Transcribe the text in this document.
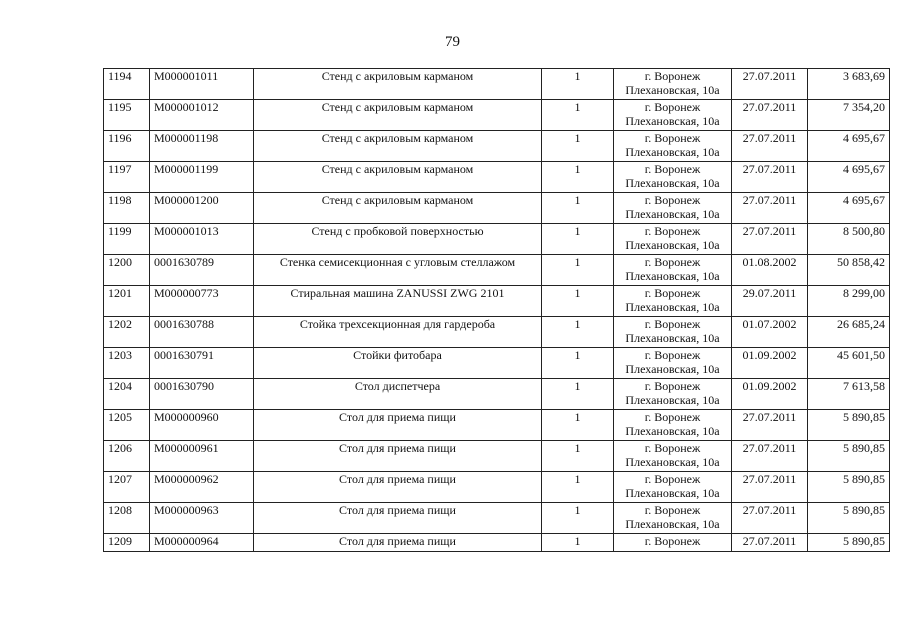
79
1194	М000001011	Стенд с акриловым карманом	1	г. Воронеж
Плехановская, 10а	27.07.2011	3 683,69
1195	М000001012	Стенд с акриловым карманом	1	г. Воронеж
Плехановская, 10а	27.07.2011	7 354,20
1196	М000001198	Стенд с акриловым карманом	1	г. Воронеж
Плехановская, 10а	27.07.2011	4 695,67
1197	М000001199	Стенд с акриловым карманом	1	г. Воронеж
Плехановская, 10а	27.07.2011	4 695,67
1198	М000001200	Стенд с акриловым карманом	1	г. Воронеж
Плехановская, 10а	27.07.2011	4 695,67
1199	М000001013	Стенд с пробковой поверхностью	1	г. Воронеж
Плехановская, 10а	27.07.2011	8 500,80
1200	0001630789	Стенка семисекционная с угловым стеллажом	1	г. Воронеж
Плехановская, 10а	01.08.2002	50 858,42
1201	М000000773	Стиральная машина ZANUSSI ZWG 2101	1	г. Воронеж
Плехановская, 10а	29.07.2011	8 299,00
1202	0001630788	Стойка трехсекционная для гардероба	1	г. Воронеж
Плехановская, 10а	01.07.2002	26 685,24
1203	0001630791	Стойки фитобара	1	г. Воронеж
Плехановская, 10а	01.09.2002	45 601,50
1204	0001630790	Стол диспетчера	1	г. Воронеж
Плехановская, 10а	01.09.2002	7 613,58
1205	М000000960	Стол для приема пищи	1	г. Воронеж
Плехановская, 10а	27.07.2011	5 890,85
1206	М000000961	Стол для приема пищи	1	г. Воронеж
Плехановская, 10а	27.07.2011	5 890,85
1207	М000000962	Стол для приема пищи	1	г. Воронеж
Плехановская, 10а	27.07.2011	5 890,85
1208	М000000963	Стол для приема пищи	1	г. Воронеж
Плехановская, 10а	27.07.2011	5 890,85
1209	М000000964	Стол для приема пищи	1	г. Воронеж	27.07.2011	5 890,85
